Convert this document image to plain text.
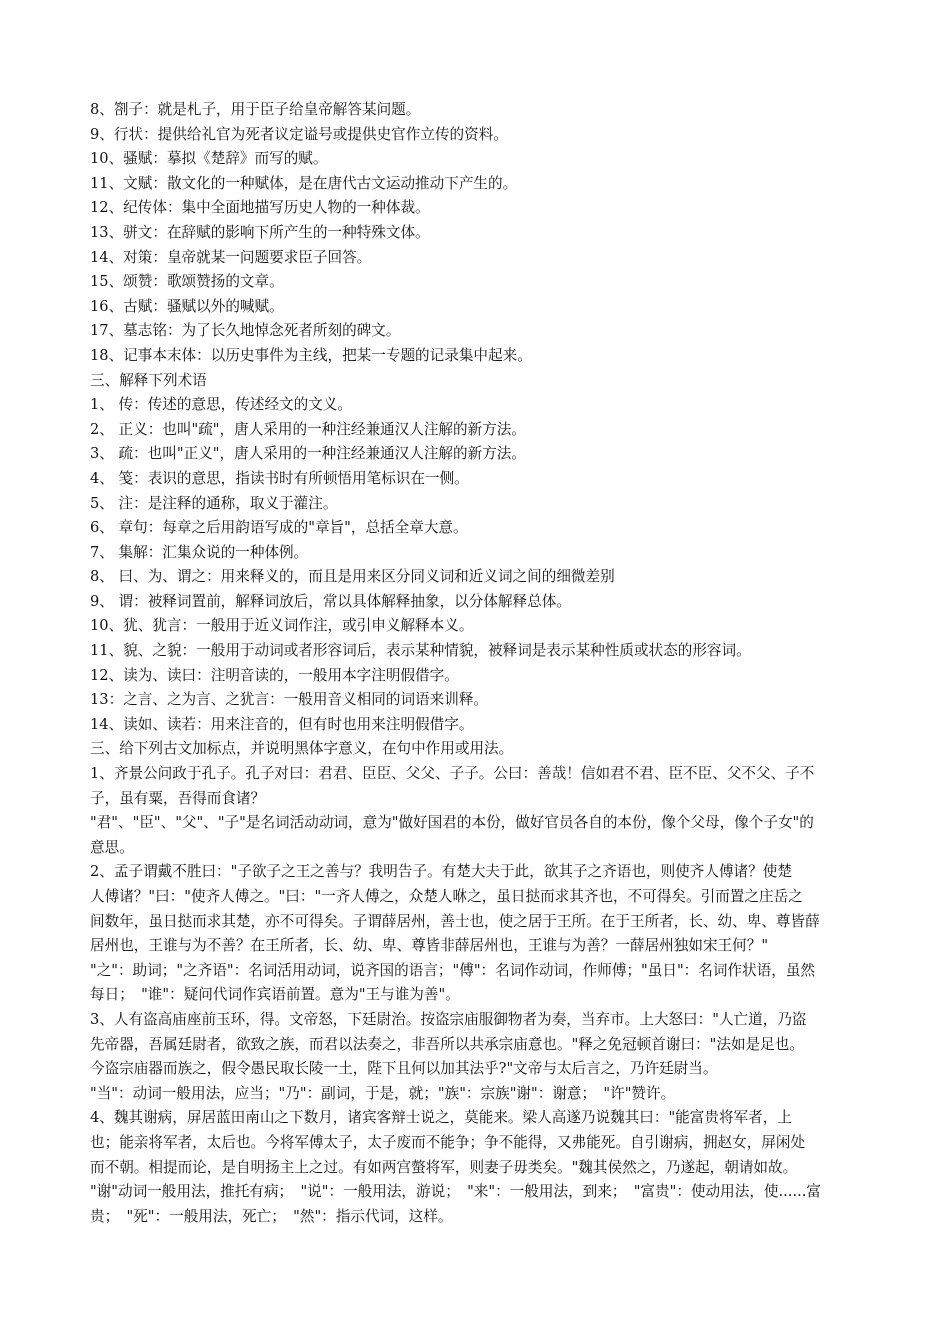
8、劄子：就是札子，用于臣子给皇帝解答某问题。
9、行状：提供给礼官为死者议定谥号或提供史官作立传的资料。
10、骚赋：摹拟《楚辞》而写的赋。
11、文赋：散文化的一种赋体，是在唐代古文运动推动下产生的。
12、纪传体：集中全面地描写历史人物的一种体裁。
13、骈文：在辞赋的影响下所产生的一种特殊文体。
14、对策：皇帝就某一问题要求臣子回答。
15、颂赞：歌颂赞扬的文章。
16、古赋：骚赋以外的喊赋。
17、墓志铭：为了长久地悼念死者所刻的碑文。
18、记事本末体：以历史事件为主线，把某一专题的记录集中起来。
三、解释下列术语
1、 传：传述的意思，传述经文的文义。
2、 正义：也叫"疏"，唐人采用的一种注经兼通汉人注解的新方法。
3、 疏：也叫"正义"，唐人采用的一种注经兼通汉人注解的新方法。
4、 笺：表识的意思，指读书时有所顿悟用笔标识在一侧。
5、 注：是注释的通称，取义于灌注。
6、 章句：每章之后用韵语写成的"章旨"，总括全章大意。
7、 集解：汇集众说的一种体例。
8、 曰、为、谓之：用来释义的，而且是用来区分同义词和近义词之间的细微差别
9、 谓：被释词置前，解释词放后，常以具体解释抽象，以分体解释总体。
10、犹、犹言：一般用于近义词作注，或引申义解释本义。
11、貌、之貌：一般用于动词或者形容词后，表示某种情貌，被释词是表示某种性质或状态的形容词。
12、读为、读曰：注明音读的，一般用本字注明假借字。
13：之言、之为言、之犹言：一般用音义相同的词语来训释。
14、读如、读若：用来注音的，但有时也用来注明假借字。
三、给下列古文加标点，并说明黑体字意义，在句中作用或用法。
1、齐景公问政于孔子。孔子对曰：君君、臣臣、父父、子子。公曰：善哉！信如君不君、臣不臣、父不父、子不
子，虽有粟，吾得而食诸？
"君"、"臣"、"父"、"子"是名词活动动词，意为"做好国君的本份，做好官员各自的本份，像个父母，像个子女"的
意思。
2、孟子谓戴不胜曰："子欲子之王之善与？我明告子。有楚大夫于此，欲其子之齐语也，则使齐人傅诸？使楚
人傅诸？"曰："使齐人傅之。"曰："一齐人傅之，众楚人咻之，虽日挞而求其齐也，不可得矣。引而置之庄岳之
间数年，虽日挞而求其楚，亦不可得矣。子谓薛居州，善士也，使之居于王所。在于王所者，长、幼、卑、尊皆薛
居州也，王谁与为不善？在王所者，长、幼、卑、尊皆非薛居州也，王谁与为善？一薛居州独如宋王何？"
"之"：助词；"之齐语"：名词活用动词，说齐国的语言；"傅"：名词作动词，作师傅；"虽日"：名词作状语，虽然
每日；　"谁"：疑问代词作宾语前置。意为"王与谁为善"。
3、人有盗高庙座前玉环，得。文帝怒，下廷尉治。按盗宗庙服御物者为奏，当弃市。上大怒曰："人亡道，乃盗
先帝器，吾属廷尉者，欲致之族，而君以法奏之，非吾所以共承宗庙意也。"释之免冠顿首谢曰："法如是足也。
今盗宗庙器而族之，假令愚民取长陵一土，陛下且何以加其法乎?"文帝与太后言之，乃许廷尉当。
"当"：动词一般用法，应当；"乃"：副词，于是，就；"族"：宗族"谢"：谢意；　"许"赞许。
4、魏其谢病，屏居蓝田南山之下数月，诸宾客辩士说之，莫能来。梁人高遂乃说魏其曰："能富贵将军者，上
也；能亲将军者，太后也。今将军傅太子，太子废而不能争；争不能得，又弗能死。自引谢病，拥赵女，屏闲处
而不朝。相提而论，是自明扬主上之过。有如两宫螫将军，则妻子毋类矣。"魏其侯然之，乃遂起，朝请如故。
"谢"动词一般用法，推托有病；　"说"：一般用法，游说；　"来"：一般用法，到来；　"富贵"：使动用法，使......富
贵；　"死"：一般用法，死亡；　"然"：指示代词，这样。
